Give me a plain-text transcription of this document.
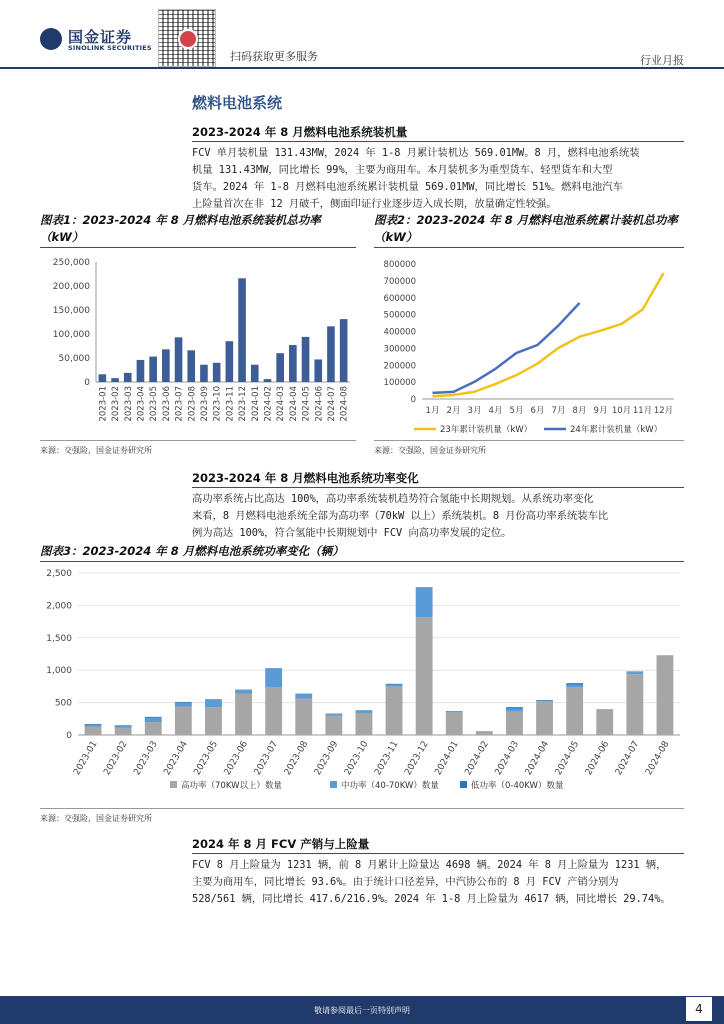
国金证券
SINOLINK SECURITIES
扫码获取更多服务	行业月报
燃料电池系统
2023-2024 年 8 月燃料电池系统装机量
FCV 单月装机量 131.43MW，2024 年 1-8 月累计装机达 569.01MW。8 月，燃料电池系统装
机量 131.43MW，同比增长 99%，主要为商用车。本月装机多为重型货车、轻型货车和大型
货车。2024 年 1-8 月燃料电池系统累计装机量 569.01MW，同比增长 51%。燃料电池汽车
上险量首次在非 12 月破千，侧面印证行业逐步迈入成长期，放量确定性较强。
图表1：2023-2024 年 8 月燃料电池系统装机总功率
（kW）
图表2：2023-2024 年 8 月燃料电池系统累计装机总功率
（kW）
0
50,000
100,000
150,000
200,000
250,000
2023-01 2023-02 2023-03 2023-04 2023-05 2023-06 2023-07 2023-08 2023-09 2023-10 2023-11 2023-12 2024-01 2024-02 2024-03 2024-04 2024-05 2024-06 2024-07 2024-08	0
100000
200000
300000
400000
500000
600000
700000
800000
1月 2月 3月 4月 5月 6月 7月 8月 9月 10月 11月 12月
23年累计装机量（kW）	24年累计装机量（kW）
来源：交强险，国金证券研究所	来源：交强险，国金证券研究所
2023-2024 年 8 月燃料电池系统功率变化
高功率系统占比高达 100%，高功率系统装机趋势符合氢能中长期规划。从系统功率变化
来看，8 月燃料电池系统全部为高功率（70kW 以上）系统装机。8 月份高功率系统装车比
例为高达 100%，符合氢能中长期规划中 FCV 向高功率发展的定位。
图表3：2023-2024 年 8 月燃料电池系统功率变化（辆）
0
500
1,000
1,500
2,000
2,500
2023-01 2023-02 2023-03 2023-04 2023-05 2023-06 2023-07 2023-08 2023-09 2023-10 2023-11 2023-12 2024-01 2024-02 2024-03 2024-04 2024-05 2024-06 2024-07 2024-08
高功率（70KW以上）数量	中功率（40-70KW）数量	低功率（0-40KW）数量
来源：交强险，国金证券研究所
2024 年 8 月 FCV 产销与上险量
FCV 8 月上险量为 1231 辆，前 8 月累计上险量达 4698 辆。2024 年 8 月上险量为 1231 辆，
主要为商用车，同比增长 93.6%。由于统计口径差异，中汽协公布的 8 月 FCV 产销分别为
528/561 辆，同比增长 417.6/216.9%。2024 年 1-8 月上险量为 4617 辆，同比增长 29.74%。
敬请参阅最后一页特别声明	4
